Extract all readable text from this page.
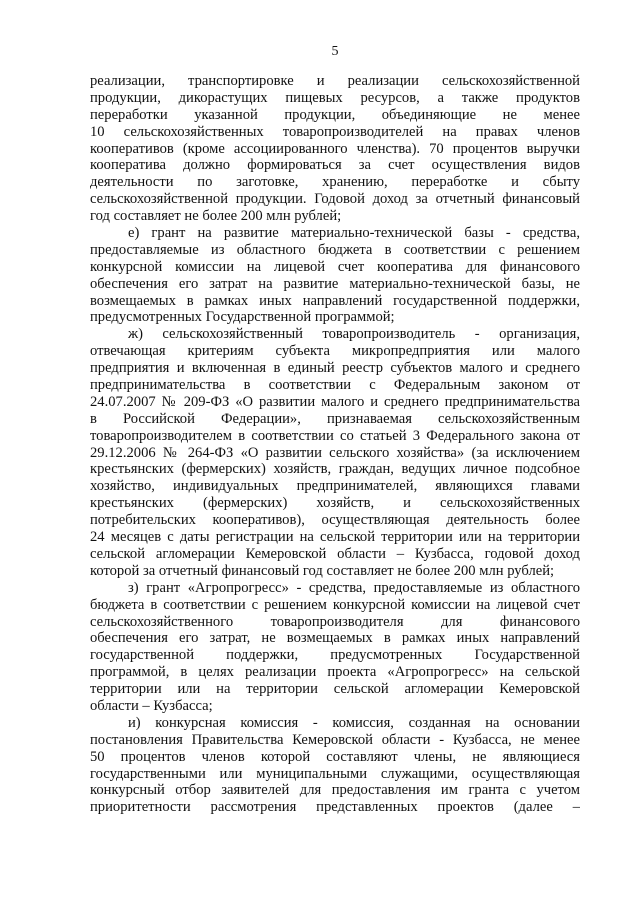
5
реализации, транспортировке и реализации сельскохозяйственной
продукции, дикорастущих пищевых ресурсов, а также продуктов
переработки указанной продукции, объединяющие не менее
10 сельскохозяйственных товаропроизводителей на правах членов
кооперативов (кроме ассоциированного членства). 70 процентов выручки
кооператива должно формироваться за счет осуществления видов
деятельности по заготовке, хранению, переработке и сбыту
сельскохозяйственной продукции. Годовой доход за отчетный финансовый
год составляет не более 200 млн рублей;
е) грант на развитие материально-технической базы - средства,
предоставляемые из областного бюджета в соответствии с решением
конкурсной комиссии на лицевой счет кооператива для финансового
обеспечения его затрат на развитие материально-технической базы, не
возмещаемых в рамках иных направлений государственной поддержки,
предусмотренных Государственной программой;
ж) сельскохозяйственный товаропроизводитель - организация,
отвечающая критериям субъекта микропредприятия или малого
предприятия и включенная в единый реестр субъектов малого и среднего
предпринимательства в соответствии с Федеральным законом от
24.07.2007 № 209-ФЗ «О развитии малого и среднего предпринимательства
в Российской Федерации», признаваемая сельскохозяйственным
товаропроизводителем в соответствии со статьей 3 Федерального закона от
29.12.2006 № 264-ФЗ «О развитии сельского хозяйства» (за исключением
крестьянских (фермерских) хозяйств, граждан, ведущих личное подсобное
хозяйство, индивидуальных предпринимателей, являющихся главами
крестьянских (фермерских) хозяйств, и сельскохозяйственных
потребительских кооперативов), осуществляющая деятельность более
24 месяцев с даты регистрации на сельской территории или на территории
сельской агломерации Кемеровской области – Кузбасса, годовой доход
которой за отчетный финансовый год составляет не более 200 млн рублей;
з) грант «Агропрогресс» - средства, предоставляемые из областного
бюджета в соответствии с решением конкурсной комиссии на лицевой счет
сельскохозяйственного товаропроизводителя для финансового
обеспечения его затрат, не возмещаемых в рамках иных направлений
государственной поддержки, предусмотренных Государственной
программой, в целях реализации проекта «Агропрогресс» на сельской
территории или на территории сельской агломерации Кемеровской
области – Кузбасса;
и) конкурсная комиссия - комиссия, созданная на основании
постановления Правительства Кемеровской области - Кузбасса, не менее
50 процентов членов которой составляют члены, не являющиеся
государственными или муниципальными служащими, осуществляющая
конкурсный отбор заявителей для предоставления им гранта с учетом
приоритетности рассмотрения представленных проектов (далее –
